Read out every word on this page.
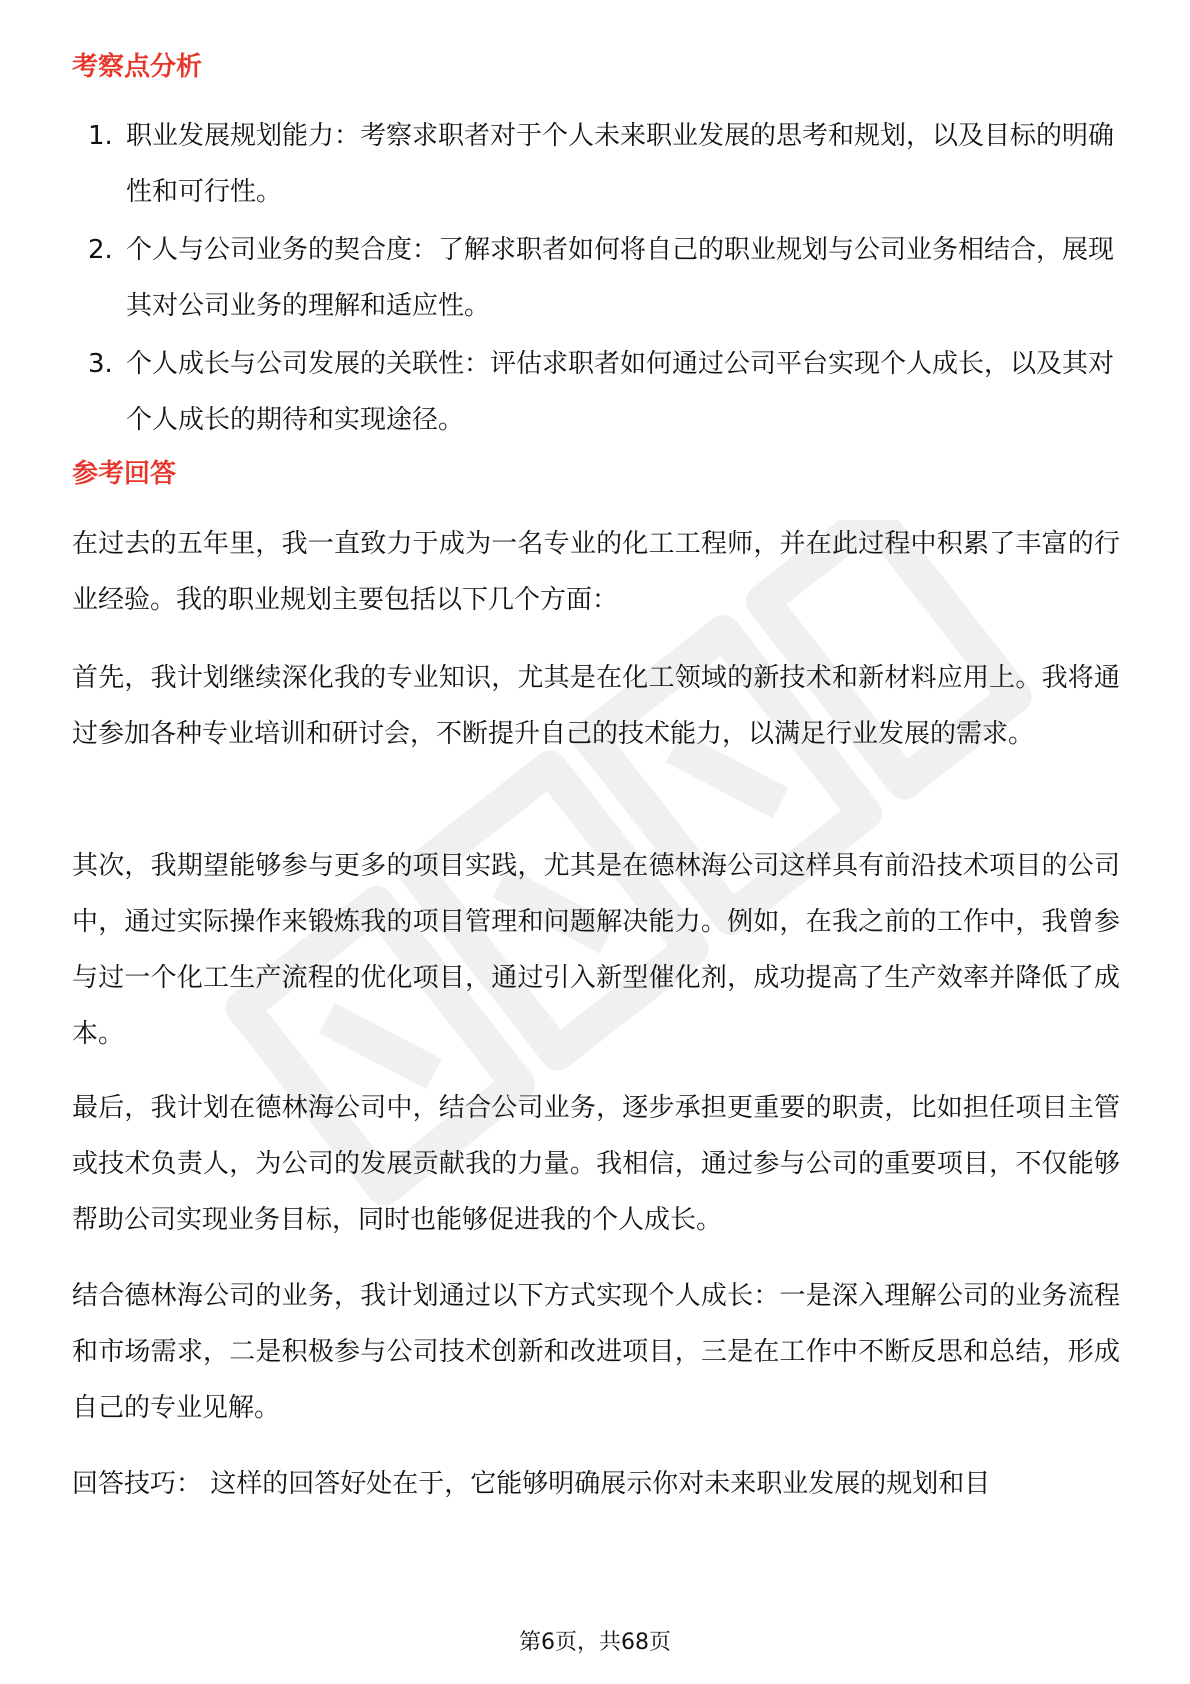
考察点分析
1. 职业发展规划能力：考察求职者对于个人未来职业发展的思考和规划，以及目标的明确性和可行性。
2. 个人与公司业务的契合度：了解求职者如何将自己的职业规划与公司业务相结合，展现其对公司业务的理解和适应性。
3. 个人成长与公司发展的关联性：评估求职者如何通过公司平台实现个人成长，以及其对个人成长的期待和实现途径。
参考回答

在过去的五年里，我一直致力于成为一名专业的化工工程师，并在此过程中积累了丰富的行业经验。我的职业规划主要包括以下几个方面：

首先，我计划继续深化我的专业知识，尤其是在化工领域的新技术和新材料应用上。我将通过参加各种专业培训和研讨会，不断提升自己的技术能力，以满足行业发展的需求。

其次，我期望能够参与更多的项目实践，尤其是在德林海公司这样具有前沿技术项目的公司中，通过实际操作来锻炼我的项目管理和问题解决能力。例如，在我之前的工作中，我曾参与过一个化工生产流程的优化项目，通过引入新型催化剂，成功提高了生产效率并降低了成本。

最后，我计划在德林海公司中，结合公司业务，逐步承担更重要的职责，比如担任项目主管或技术负责人，为公司的发展贡献我的力量。我相信，通过参与公司的重要项目，不仅能够帮助公司实现业务目标，同时也能够促进我的个人成长。

结合德林海公司的业务，我计划通过以下方式实现个人成长：一是深入理解公司的业务流程和市场需求，二是积极参与公司技术创新和改进项目，三是在工作中不断反思和总结，形成自己的专业见解。

回答技巧： 这样的回答好处在于，它能够明确展示你对未来职业发展的规划和目

第6页，共68页
